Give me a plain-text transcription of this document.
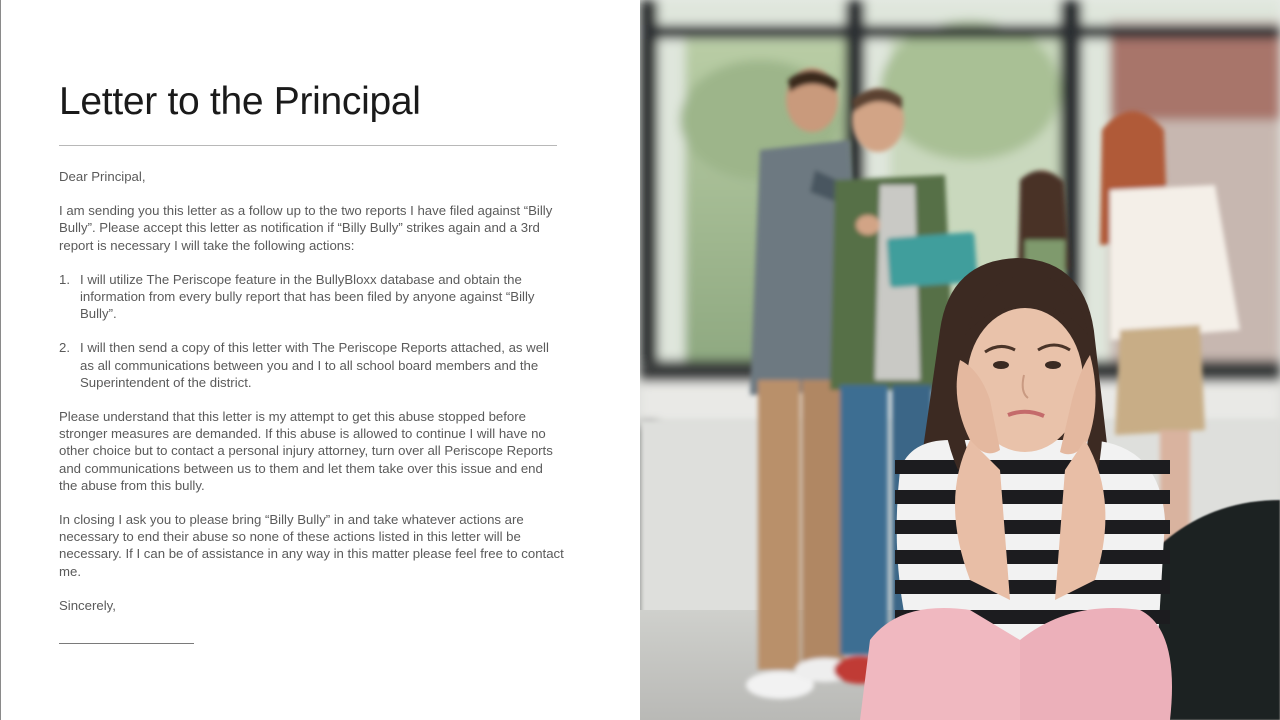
Letter to the Principal

Dear Principal,

I am sending you this letter as a follow up to the two reports I have filed against “Billy Bully”. Please accept this letter as notification if “Billy Bully” strikes again and a 3rd report is necessary I will take the following actions:

1. I will utilize The Periscope feature in the BullyBloxx database and obtain the information from every bully report that has been filed by anyone against “Billy Bully”.
2. I will then send a copy of this letter with The Periscope Reports attached, as well as all communications between you and I to all school board members and the Superintendent of the district.

Please understand that this letter is my attempt to get this abuse stopped before stronger measures are demanded. If this abuse is allowed to continue I will have no other choice but to contact a personal injury attorney, turn over all Periscope Reports and communications between us to them and let them take over this issue and end the abuse from this bully.

In closing I ask you to please bring “Billy Bully” in and take whatever actions are necessary to end their abuse so none of these actions listed in this letter will be necessary. If I can be of assistance in any way in this matter please feel free to contact me.

Sincerely,
